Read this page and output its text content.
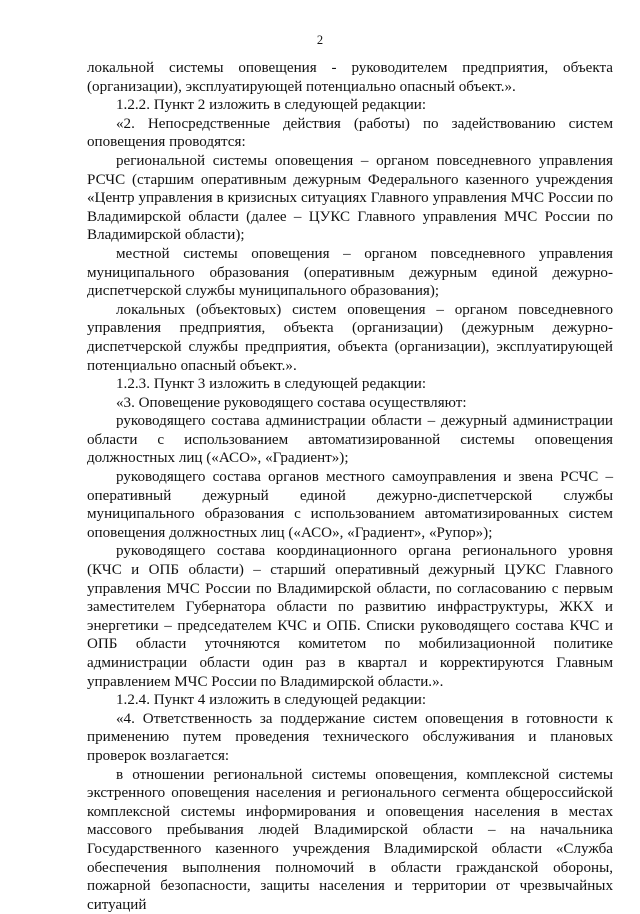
2

локальной системы оповещения - руководителем предприятия, объекта (организации), эксплуатирующей потенциально опасный объект.».

1.2.2. Пункт 2 изложить в следующей редакции:

«2. Непосредственные действия (работы) по задействованию систем оповещения проводятся:

региональной системы оповещения – органом повседневного управления РСЧС (старшим оперативным дежурным Федерального казенного учреждения «Центр управления в кризисных ситуациях Главного управления МЧС России по Владимирской области (далее – ЦУКС Главного управления МЧС России по Владимирской области);

местной системы оповещения – органом повседневного управления муниципального образования (оперативным дежурным единой дежурно-диспетчерской службы муниципального образования);

локальных (объектовых) систем оповещения – органом повседневного управления предприятия, объекта (организации) (дежурным дежурно-диспетчерской службы предприятия, объекта (организации), эксплуатирующей потенциально опасный объект.».

1.2.3. Пункт 3 изложить в следующей редакции:

«3. Оповещение руководящего состава осуществляют:

руководящего состава администрации области – дежурный администрации области с использованием автоматизированной системы оповещения должностных лиц («АСО», «Градиент»);

руководящего состава органов местного самоуправления и звена РСЧС – оперативный дежурный единой дежурно-диспетчерской службы муниципального образования с использованием автоматизированных систем оповещения должностных лиц («АСО», «Градиент», «Рупор»);

руководящего состава координационного органа регионального уровня (КЧС и ОПБ области) – старший оперативный дежурный ЦУКС Главного управления МЧС России по Владимирской области, по согласованию с первым заместителем Губернатора области по развитию инфраструктуры, ЖКХ и энергетики – председателем КЧС и ОПБ. Списки руководящего состава КЧС и ОПБ области уточняются комитетом по мобилизационной политике администрации области один раз в квартал и корректируются Главным управлением МЧС России по Владимирской области.».

1.2.4. Пункт 4 изложить в следующей редакции:

«4. Ответственность за поддержание систем оповещения в готовности к применению путем проведения технического обслуживания и плановых проверок возлагается:

в отношении региональной системы оповещения, комплексной системы экстренного оповещения населения и регионального сегмента общероссийской комплексной системы информирования и оповещения населения в местах массового пребывания людей Владимирской области – на начальника Государственного казенного учреждения Владимирской области «Служба обеспечения выполнения полномочий в области гражданской обороны, пожарной безопасности, защиты населения и территории от чрезвычайных ситуаций
